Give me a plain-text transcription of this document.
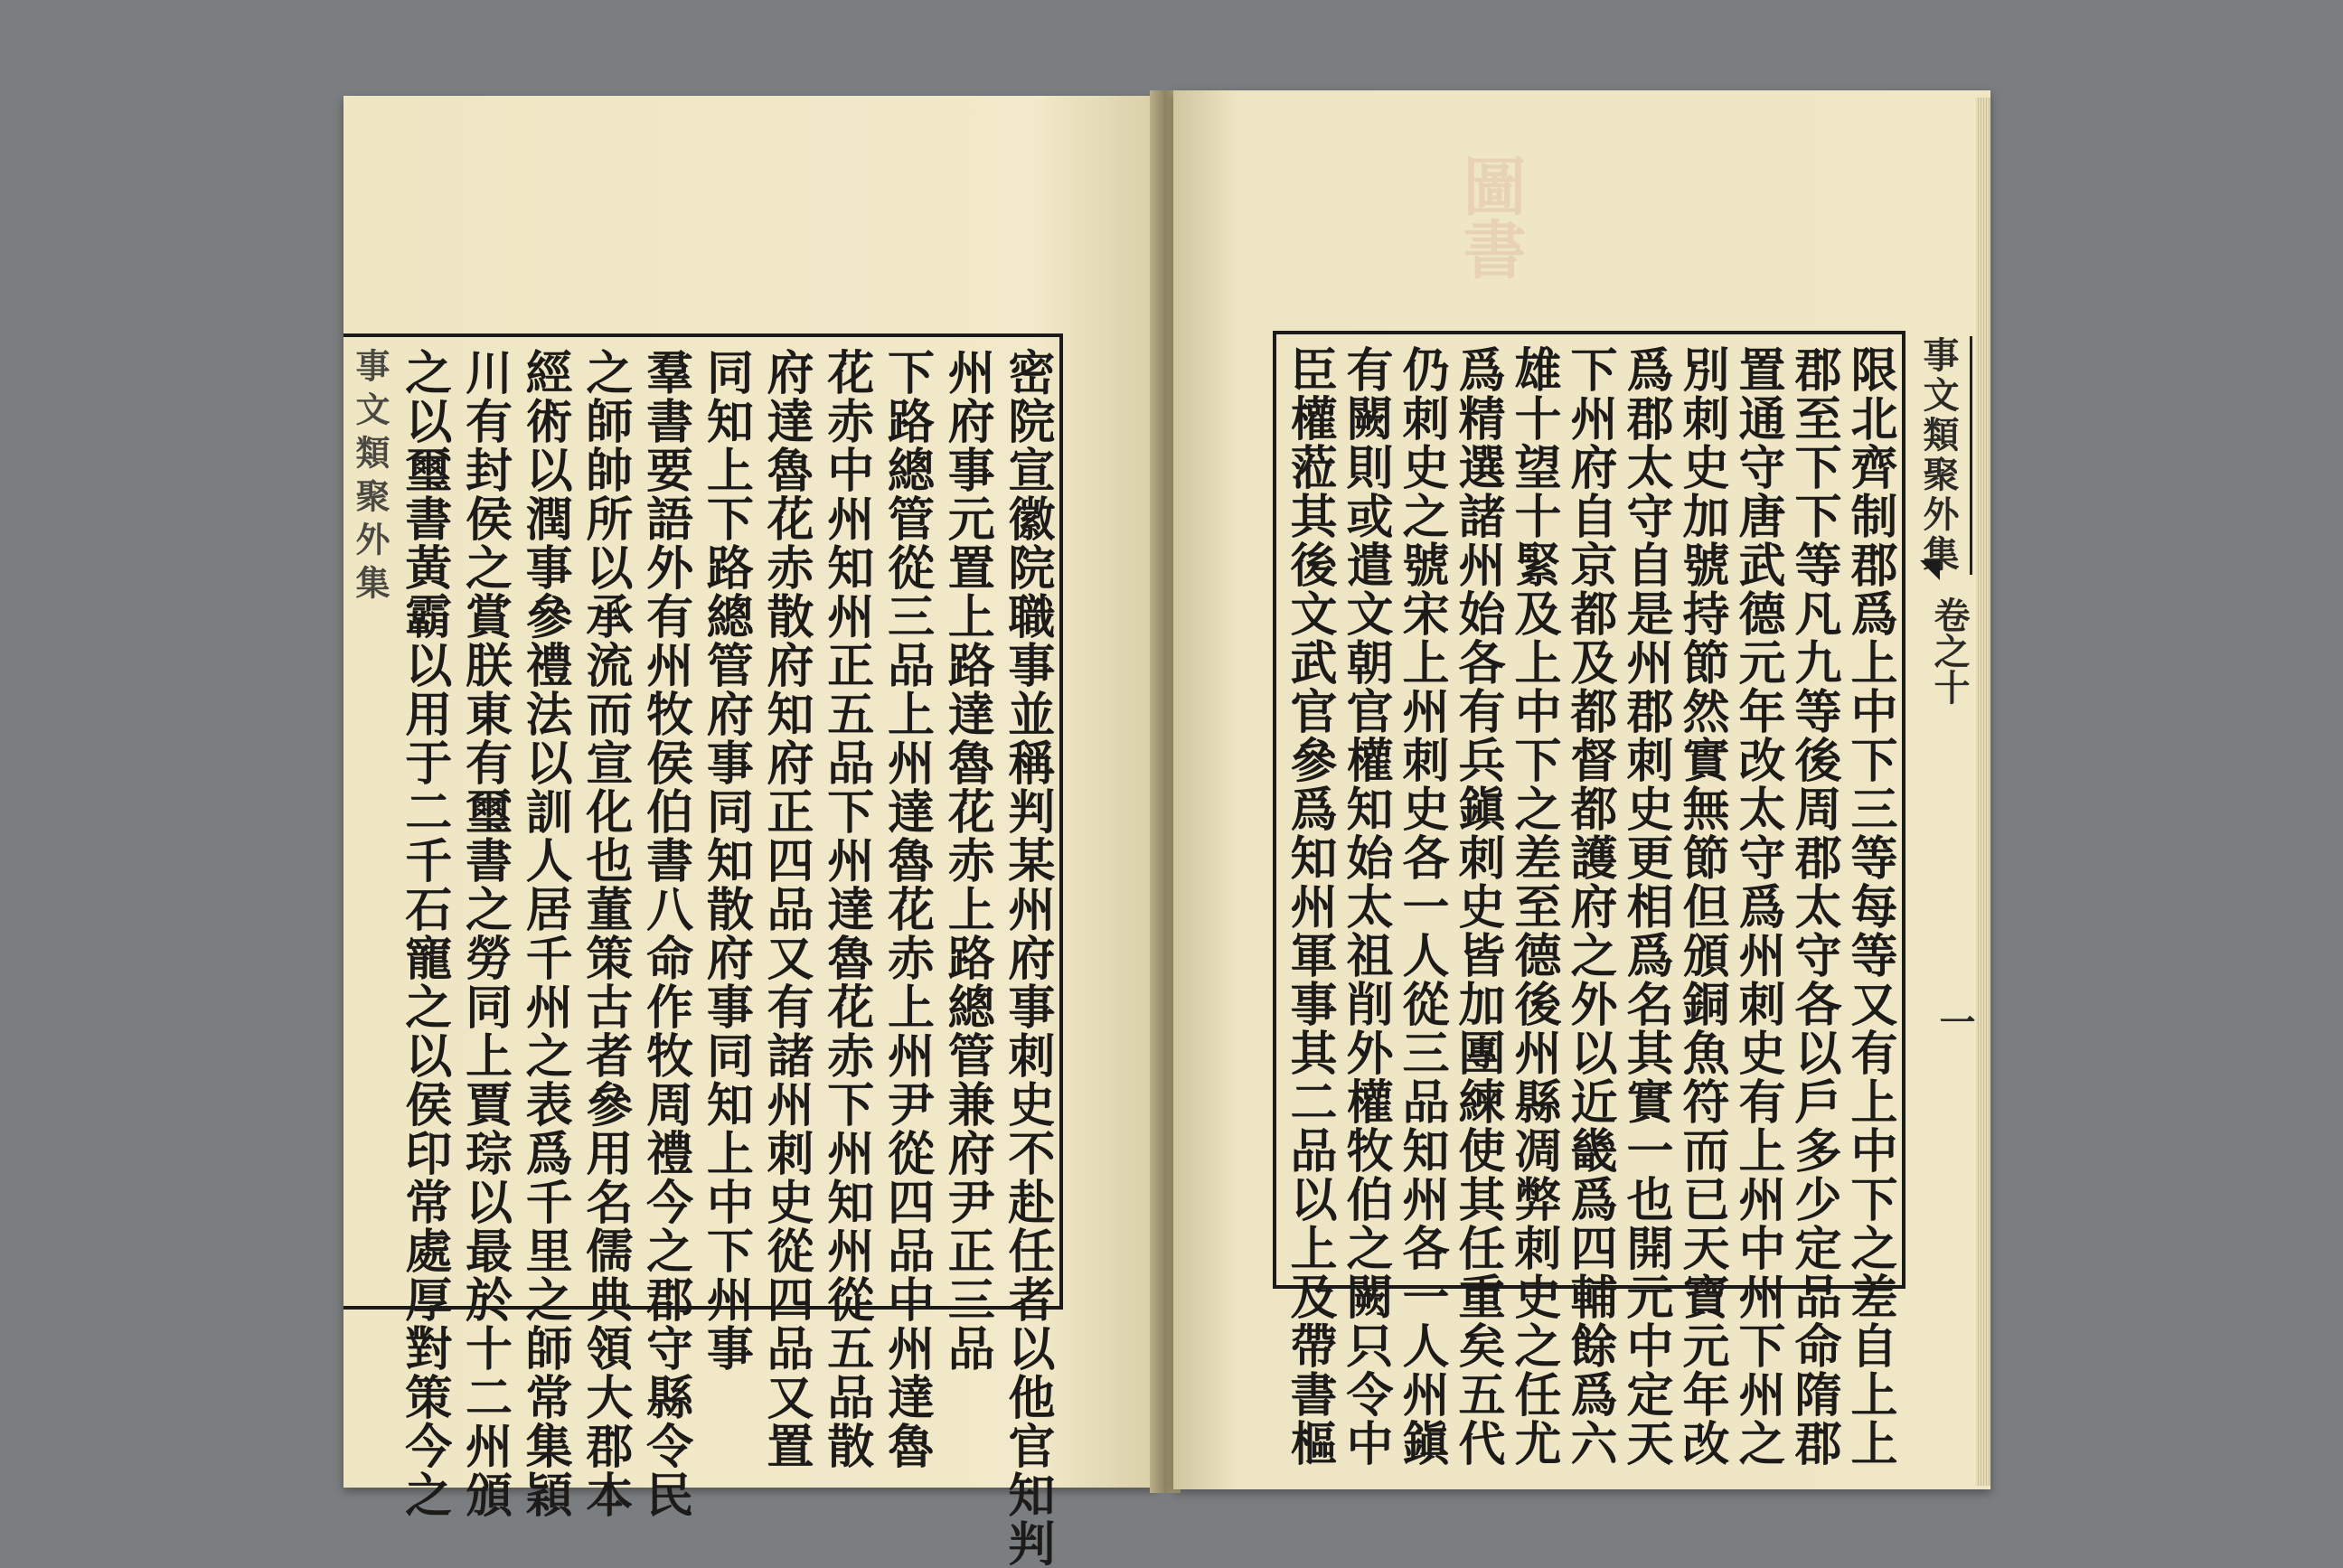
密院宣徽院職事並稱判某州府事刺史不赴任者以他官知判
州府事元置上路達魯花赤上路總管兼府尹正三品
下路總管從三品上州達魯花赤上州尹從四品中州達魯
花赤中州知州正五品下州達魯花赤下州知州從五品散
府達魯花赤散府知府正四品又有諸州刺史從四品又置
同知上下路總管府事同知散府事同知上中下州事
羣書要語外有州牧侯伯書八命作牧周禮今之郡守縣令民
之師帥所以承流而宣化也董策古者參用名儒典領大郡本
經術以潤事參禮法以訓人居千州之表爲千里之師常集穎
川有封侯之賞朕東有璽書之勞同上賈琮以最於十二州頒
之以璽書黃霸以用于二千石寵之以侯印常處厚對策今之
事文類聚外集
圖書
限北齊制郡爲上中下三等每等又有上中下之差自上上
郡至下下等凡九等後周郡太守各以戶多少定品命隋郡
置通守唐武德元年改太守爲州刺史有上州中州下州之
別刺史加號持節然實無節但頒銅魚符而已天寶元年改
爲郡太守自是州郡刺史更相爲名其實一也開元中定天
下州府自京都及都督都護府之外以近畿爲四輔餘爲六
雄十望十緊及上中下之差至德後州縣凋弊刺史之任尤
爲精選諸州始各有兵鎭刺史皆加團練使其任重矣五代
仍刺史之號宋上州刺史各一人從三品知州各一人州鎭
有闕則或遣文朝官權知始太祖削外權牧伯之闕只令中
臣權蒞其後文武官參爲知州軍事其二品以上及帶書樞	事文類聚外集
卷之十
一
